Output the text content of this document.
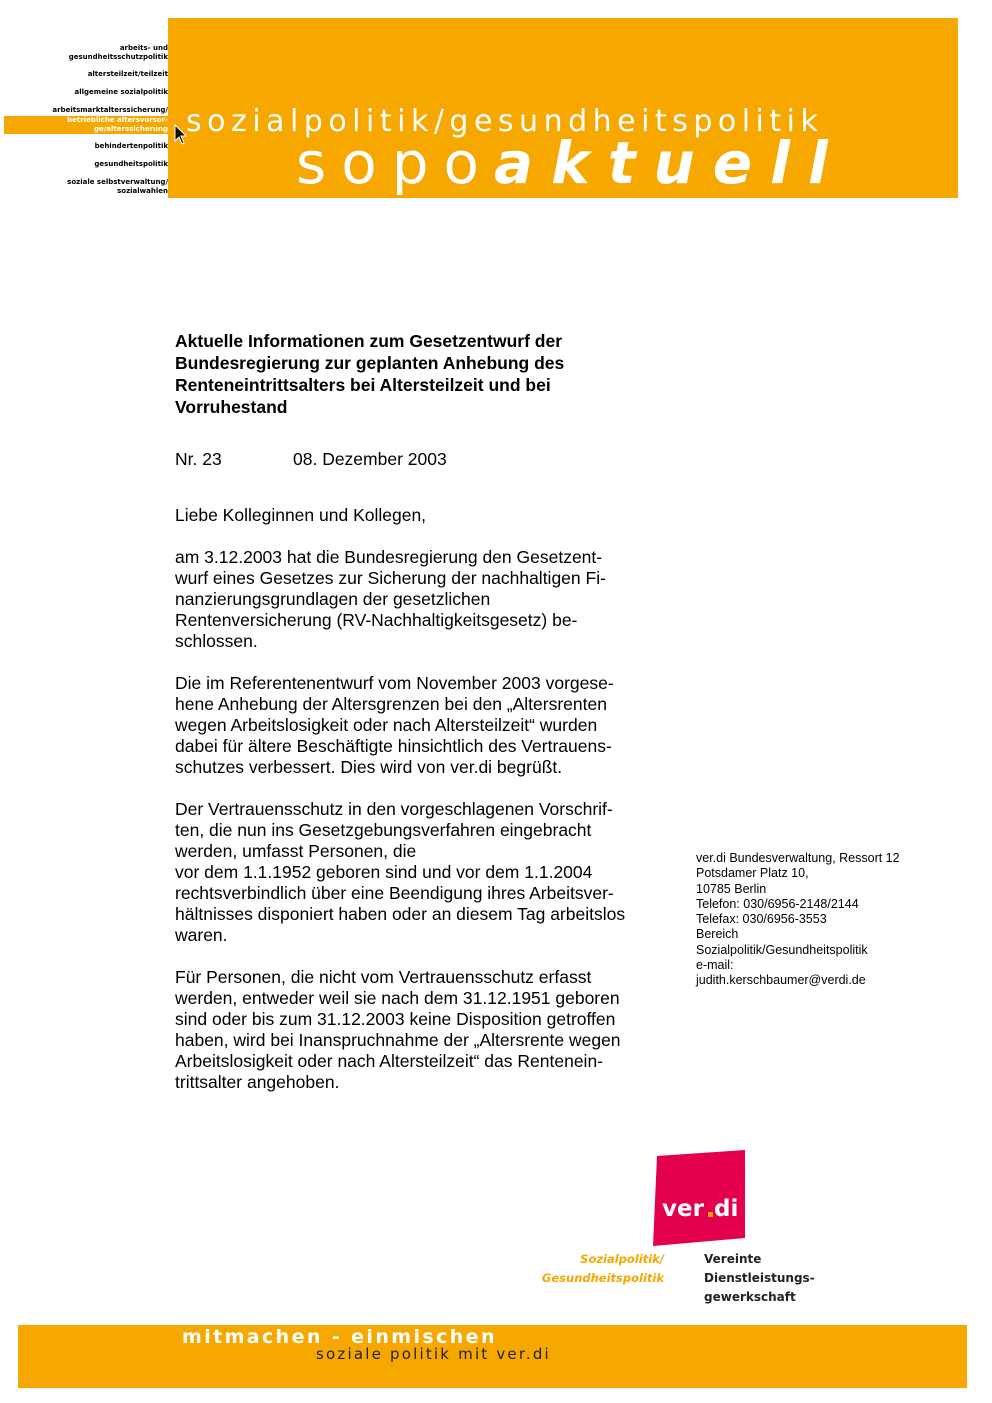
arbeits- und
gesundheitsschutzpolitik
altersteilzeit/teilzeit
allgemeine sozialpolitik
arbeitsmarktalterssicherung/
betriebliche altersvorsor-
ge/alterssicherung
behindertenpolitik
gesundheitspolitik
soziale selbstverwaltung/
sozialwahlen
sozialpolitik/gesundheitspolitik
sopoaktuell
Aktuelle Informationen zum Gesetzentwurf der
Bundesregierung zur geplanten Anhebung des
Renteneintrittsalters bei Altersteilzeit und bei
Vorruhestand
Nr. 23	08. Dezember 2003
Liebe Kolleginnen und Kollegen,
am 3.12.2003 hat die Bundesregierung den Gesetzent-
wurf eines Gesetzes zur Sicherung der nachhaltigen Fi-
nanzierungsgrundlagen der gesetzlichen
Rentenversicherung (RV-Nachhaltigkeitsgesetz) be-
schlossen.
Die im Referentenentwurf vom November 2003 vorgese-
hene Anhebung der Altersgrenzen bei den „Altersrenten
wegen Arbeitslosigkeit oder nach Altersteilzeit“ wurden
dabei für ältere Beschäftigte hinsichtlich des Vertrauens-
schutzes verbessert. Dies wird von ver.di begrüßt.
Der Vertrauensschutz in den vorgeschlagenen Vorschrif-
ten, die nun ins Gesetzgebungsverfahren eingebracht
werden, umfasst Personen, die
vor dem 1.1.1952 geboren sind und vor dem 1.1.2004
rechtsverbindlich über eine Beendigung ihres Arbeitsver-
hältnisses disponiert haben oder an diesem Tag arbeitslos
waren.
Für Personen, die nicht vom Vertrauensschutz erfasst
werden, entweder weil sie nach dem 31.12.1951 geboren
sind oder bis zum 31.12.2003 keine Disposition getroffen
haben, wird bei Inanspruchnahme der „Altersrente wegen
Arbeitslosigkeit oder nach Altersteilzeit“ das Rentenein-
trittsalter angehoben.
ver.di Bundesverwaltung, Ressort 12
Potsdamer Platz 10,
10785 Berlin
Telefon: 030/6956-2148/2144
Telefax: 030/6956-3553
Bereich
Sozialpolitik/Gesundheitspolitik
e-mail:
judith.kerschbaumer@verdi.de
ver di
Sozialpolitik/
Gesundheitspolitik
Vereinte
Dienstleistungs-
gewerkschaft
mitmachen - einmischen
soziale politik mit ver.di
